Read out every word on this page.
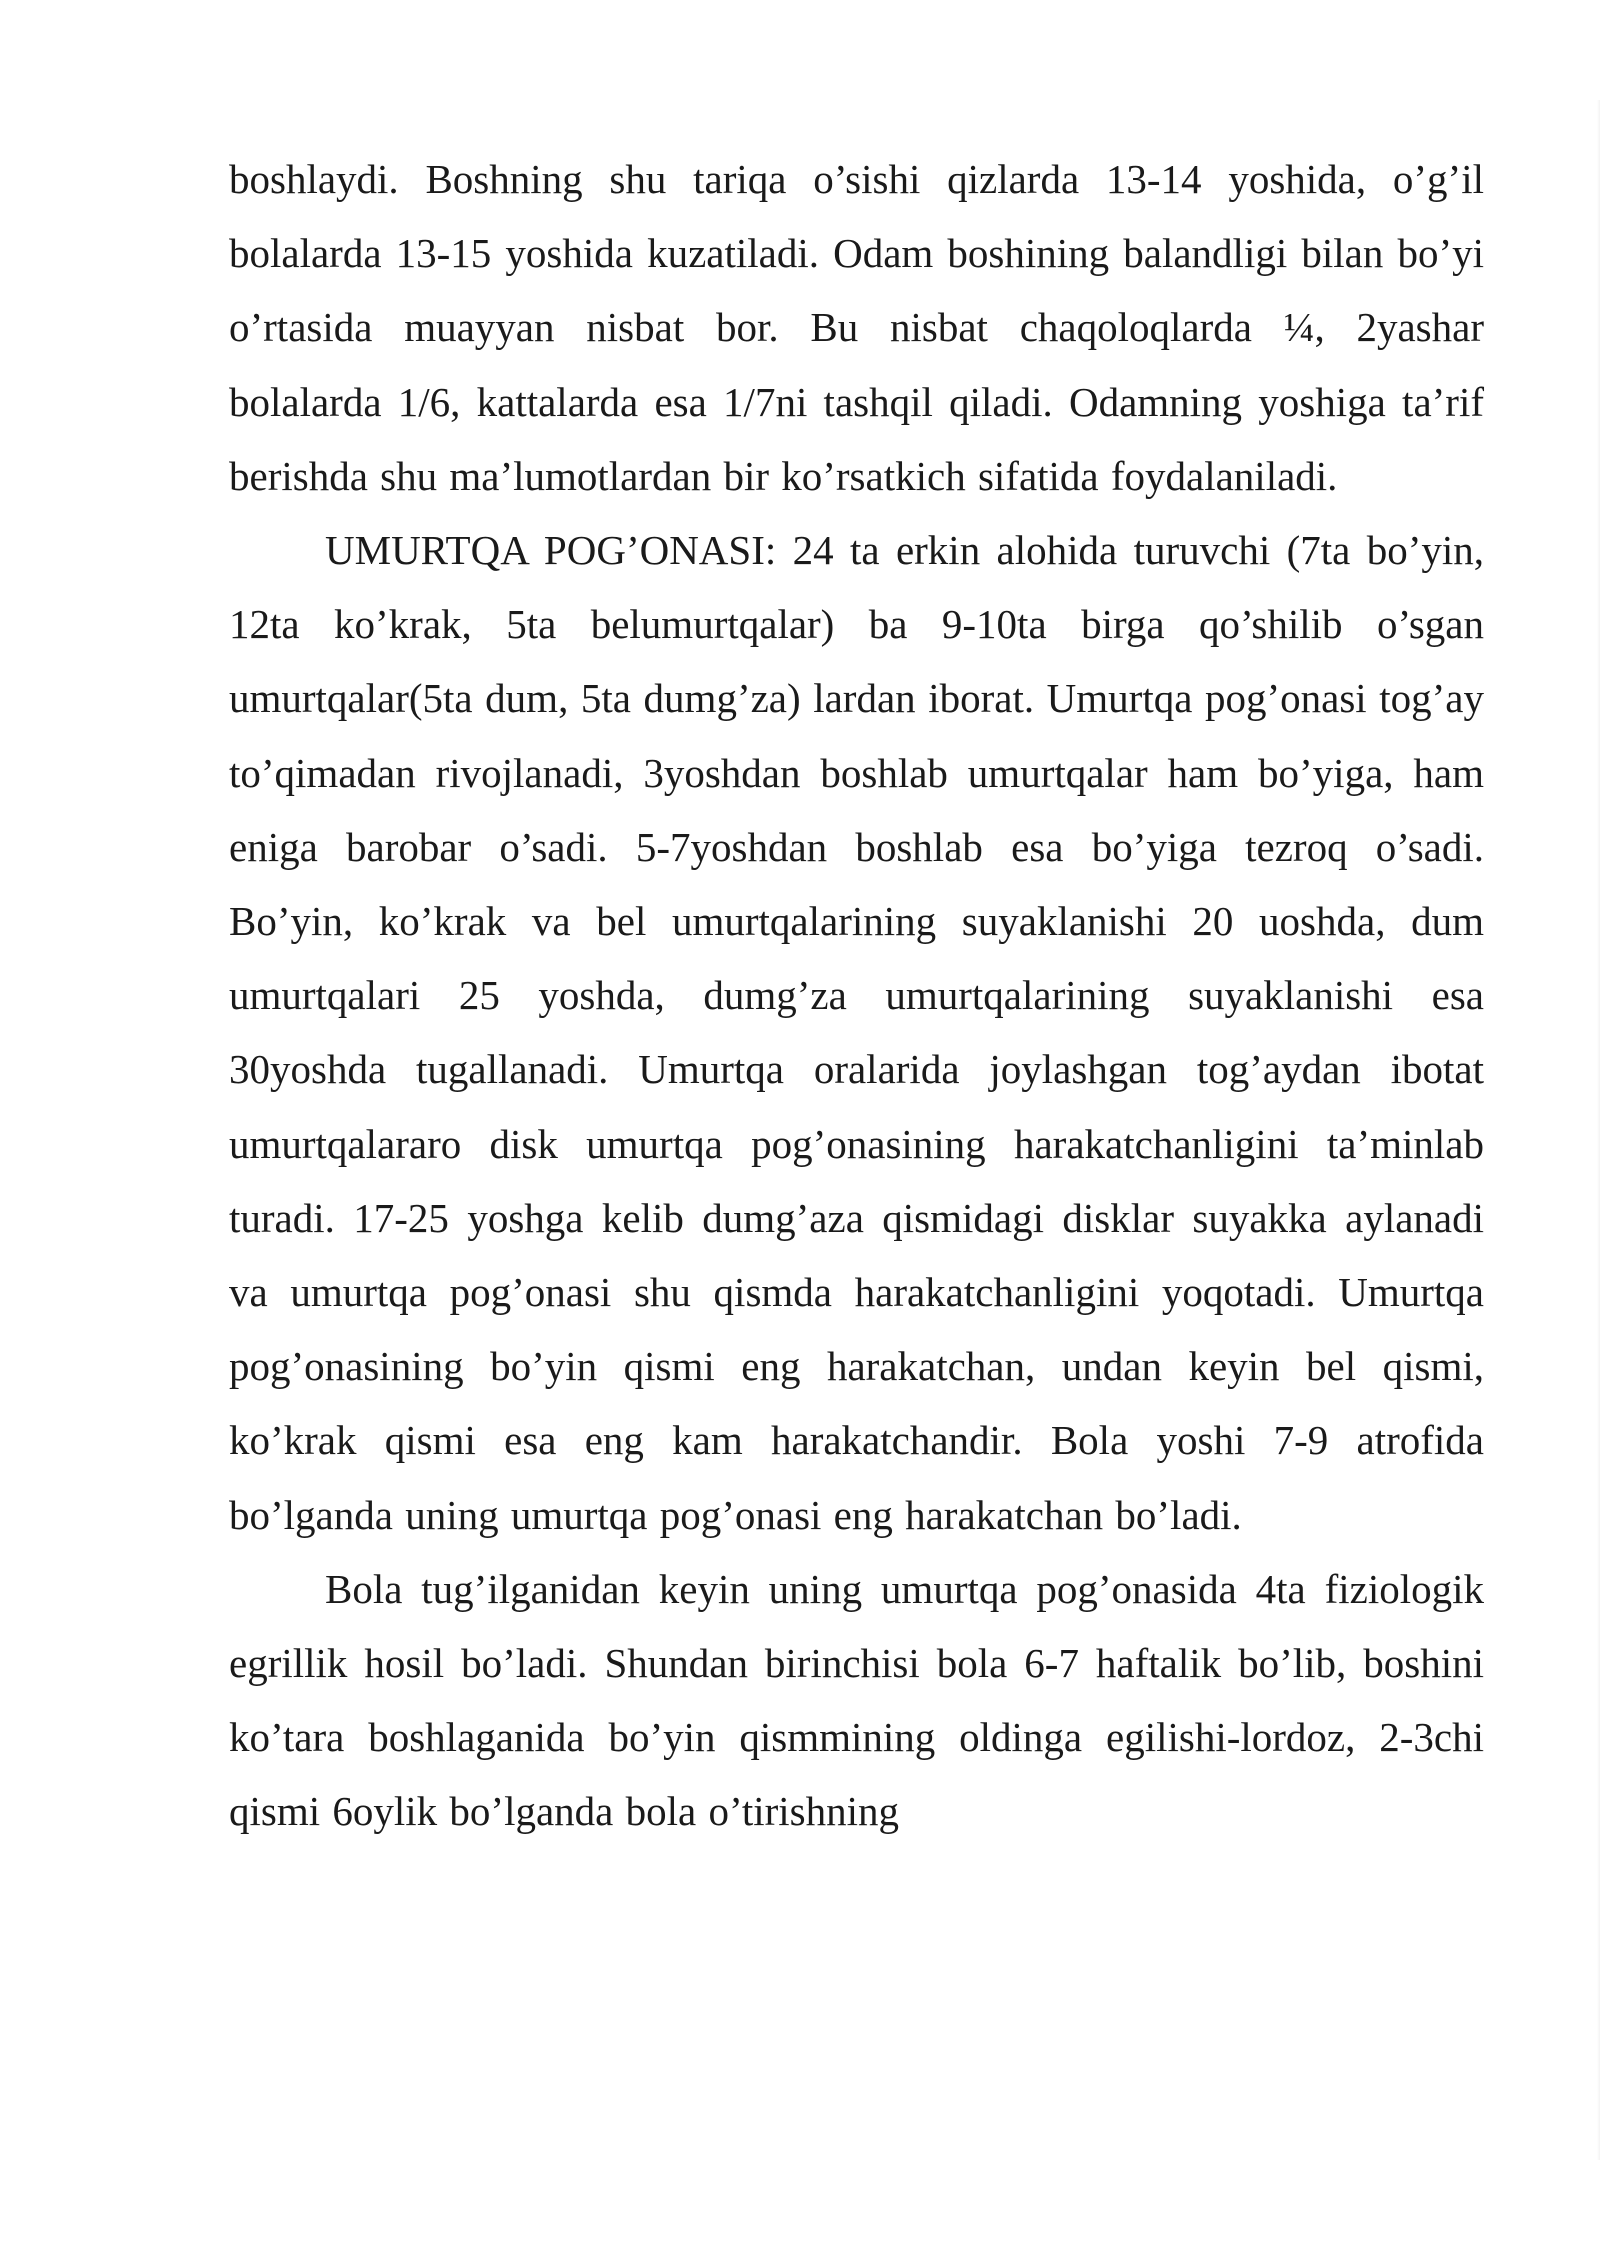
boshlaydi. Boshning shu tariqa o’sishi qizlarda 13-14 yoshida, o’g’il bolalarda 13-15 yoshida kuzatiladi. Odam boshining balandligi bilan bo’yi o’rtasida muayyan nisbat bor. Bu nisbat chaqoloqlarda ¼, 2yashar bolalarda 1/6, kattalarda esa 1/7ni tashqil qiladi. Odamning yoshiga ta’rif berishda shu ma’lumotlardan bir ko’rsatkich sifatida foydalaniladi.

UMURTQA POG’ONASI: 24 ta erkin alohida turuvchi (7ta bo’yin, 12ta ko’krak, 5ta belumurtqalar) ba 9-10ta birga qo’shilib o’sgan umurtqalar(5ta dum, 5ta dumg’za) lardan iborat. Umurtqa pog’onasi tog’ay to’qimadan rivojlanadi, 3yoshdan boshlab umurtqalar ham bo’yiga, ham eniga barobar o’sadi. 5-7yoshdan boshlab esa bo’yiga tezroq o’sadi. Bo’yin, ko’krak va bel umurtqalarining suyaklanishi 20 uoshda, dum umurtqalari 25 yoshda, dumg’za umurtqalarining suyaklanishi esa 30yoshda tugallanadi. Umurtqa oralarida joylashgan tog’aydan ibotat umurtqalararo disk umurtqa pog’onasining harakatchanligini ta’minlab turadi. 17-25 yoshga kelib dumg’aza qismidagi disklar suyakka aylanadi va umurtqa pog’onasi shu qismda harakatchanligini yoqotadi. Umurtqa pog’onasining bo’yin qismi eng harakatchan, undan keyin bel qismi, ko’krak qismi esa eng kam harakatchandir. Bola yoshi 7-9 atrofida bo’lganda uning umurtqa pog’onasi eng harakatchan bo’ladi.

Bola tug’ilganidan keyin uning umurtqa pog’onasida 4ta fiziologik egrillik hosil bo’ladi. Shundan birinchisi bola 6-7 haftalik bo’lib, boshini ko’tara boshlaganida bo’yin qismmining oldinga egilishi-lordoz, 2-3chi qismi 6oylik bo’lganda bola o’tirishning
